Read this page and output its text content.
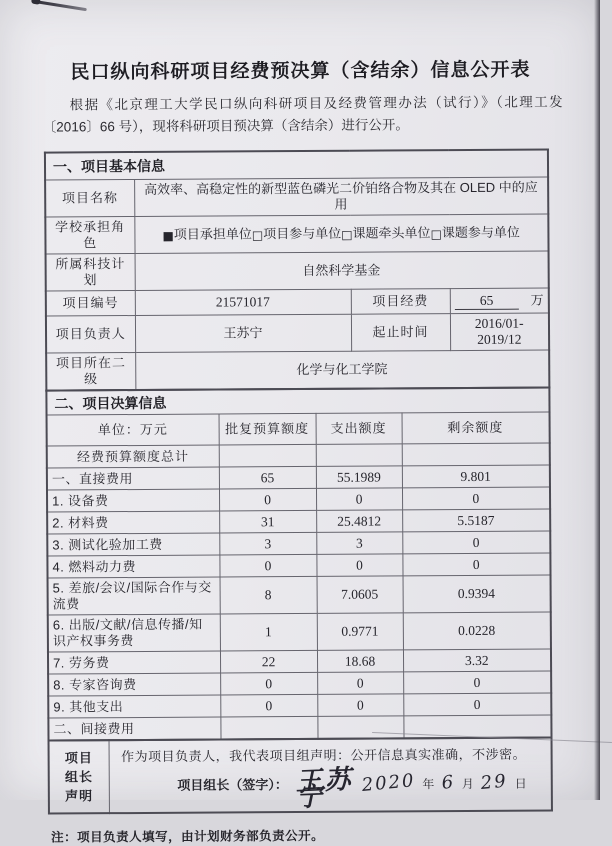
民口纵向科研项目经费预决算（含结余）信息公开表

根据《北京理工大学民口纵向科研项目及经费管理办法（试行）》（北理工发〔2016〕66 号），现将科研项目预决算（含结余）进行公开。

一、项目基本信息			
项目名称	高效率、高稳定性的新型蓝色磷光二价铂络合物及其在 OLED 中的应用		
学校承担角色	■项目承担单位□项目参与单位□课题牵头单位□课题参与单位		
所属科技计划	自然科学基金		
项目编号	21571017	项目经费	65 万
项目负责人	王苏宁	起止时间	2016/01-2019/12
项目所在二级	化学与化工学院		
二、项目决算信息			
单位：万元	批复预算额度	支出额度	剩余额度
经费预算额度总计			
一、直接费用	65	55.1989	9.801
1. 设备费	0	0	0
2. 材料费	31	25.4812	5.5187
3. 测试化验加工费	3	3	0
4. 燃料动力费	0	0	0
5. 差旅/会议/国际合作与交流费	8	7.0605	0.9394
6. 出版/文献/信息传播/知识产权事务费	1	0.9771	0.0228
7. 劳务费	22	18.68	3.32
8. 专家咨询费	0	0	0
9. 其他支出	0	0	0
二、间接费用			
项目
组长
声明

作为项目负责人，我代表项目组声明：公开信息真实准确，不涉密。

项目组长（签字）： 王苏宁	2020 年 6 月 29 日

注：项目负责人填写，由计划财务部负责公开。
